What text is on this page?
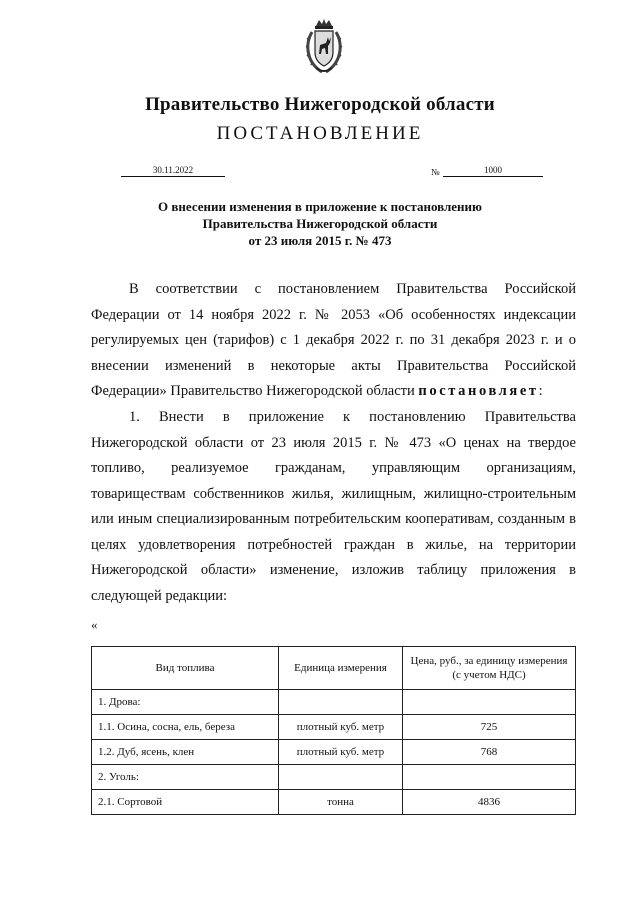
Правительство Нижегородской области
ПОСТАНОВЛЕНИЕ
30.11.2022	№	1000
О внесении изменения в приложение к постановлению
Правительства Нижегородской области
от 23 июля 2015 г. № 473

В соответствии с постановлением Правительства Российской Федерации от 14 ноября 2022 г. № 2053 «Об особенностях индексации регулируемых цен (тарифов) с 1 декабря 2022 г. по 31 декабря 2023 г. и о внесении изменений в некоторые акты Правительства Российской Федерации» Правительство Нижегородской области постановляет:

1. Внести в приложение к постановлению Правительства Нижегородской области от 23 июля 2015 г. № 473 «О ценах на твердое топливо, реализуемое гражданам, управляющим организациям, товариществам собственников жилья, жилищным, жилищно-строительным или иным специализированным потребительским кооперативам, созданным в целях удовлетворения потребностей граждан в жилье, на территории Нижегородской области» изменение, изложив таблицу приложения в следующей редакции:

«
Вид топлива	Единица измерения	Цена, руб., за единицу измерения (с учетом НДС)
1. Дрова:		
1.1. Осина, сосна, ель, береза	плотный куб. метр	725
1.2. Дуб, ясень, клен	плотный куб. метр	768
2. Уголь:		
2.1. Сортовой	тонна	4836
